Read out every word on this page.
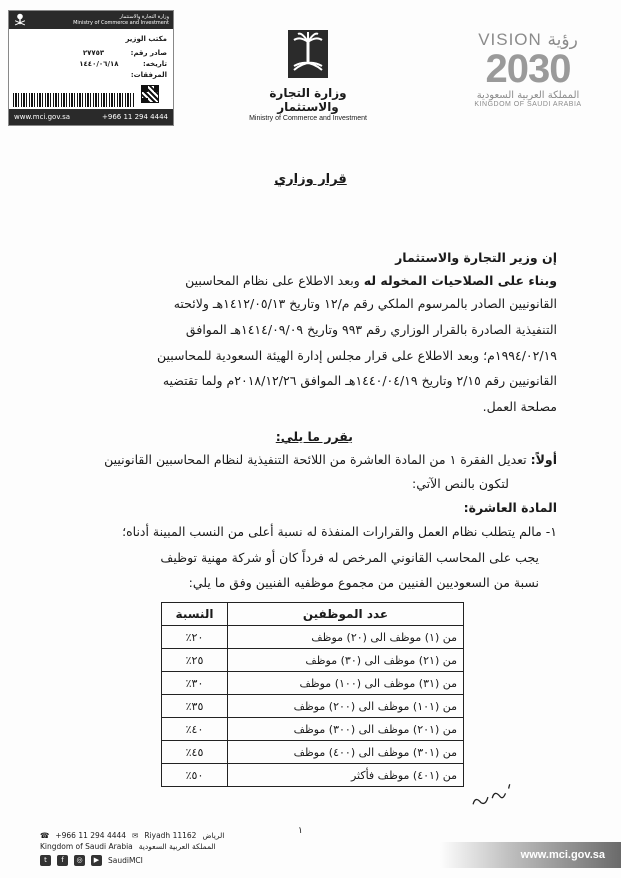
وزارة التجارة والاستثمار
Ministry of Commerce and Investment
مكتب الوزير
صادر رقم: ٢٧٧٥٣
تاريخه: ١٤٤٠/٠٦/١٨
المرفقات:
www.mci.gov.sa	+966 11 294 4444
وزارة التجارة والاستثمار
Ministry of Commerce and Investment
VISION رؤية
2030
المملكة العربية السعودية
KINGDOM OF SAUDI ARABIA
قرار وزاري
إن وزير التجارة والاستثمار
وبناء على الصلاحيات المخوله له وبعد الاطلاع على نظام المحاسبين
القانونيين الصادر بالمرسوم الملكي رقم م/١٢ وتاريخ ١٤١٢/٠٥/١٣هـ ولائحته
التنفيذية الصادرة بالقرار الوزاري رقم ٩٩٣ وتاريخ ١٤١٤/٠٩/٠٩هـ الموافق
١٩٩٤/٠٢/١٩م؛ وبعد الاطلاع على قرار مجلس إدارة الهيئة السعودية للمحاسبين
القانونيين رقم ٢/١٥ وتاريخ ١٤٤٠/٠٤/١٩هـ الموافق ٢٠١٨/١٢/٢٦م ولما تقتضيه
مصلحة العمل.
يقرر ما يلي:
أولاً: تعديل الفقرة ١ من المادة العاشرة من اللائحة التنفيذية لنظام المحاسبين القانونيين
لتكون بالنص الآتي:
المادة العاشرة:
١- مالم يتطلب نظام العمل والقرارات المنفذة له نسبة أعلى من النسب المبينة أدناه؛
يجب على المحاسب القانوني المرخص له فرداً كان أو شركة مهنية توظيف
نسبة من السعوديين الفنيين من مجموع موظفيه الفنيين وفق ما يلي:
عدد الموظفين	النسبة
من (١) موظف الى (٢٠) موظف	٢٠٪
من (٢١) موظف الى (٣٠) موظف	٢٥٪
من (٣١) موظف الى (١٠٠) موظف	٣٠٪
من (١٠١) موظف الى (٢٠٠) موظف	٣٥٪
من (٢٠١) موظف الى (٣٠٠) موظف	٤٠٪
من (٣٠١) موظف الى (٤٠٠) موظف	٤٥٪
من (٤٠١) موظف فأكثر	٥٠٪
١
☎ +966 11 294 4444 ✉ Riyadh 11162 الرياض
Kingdom of Saudi Arabia المملكة العربية السعودية
t	f	◎	▶	SaudiMCI	www.mci.gov.sa
